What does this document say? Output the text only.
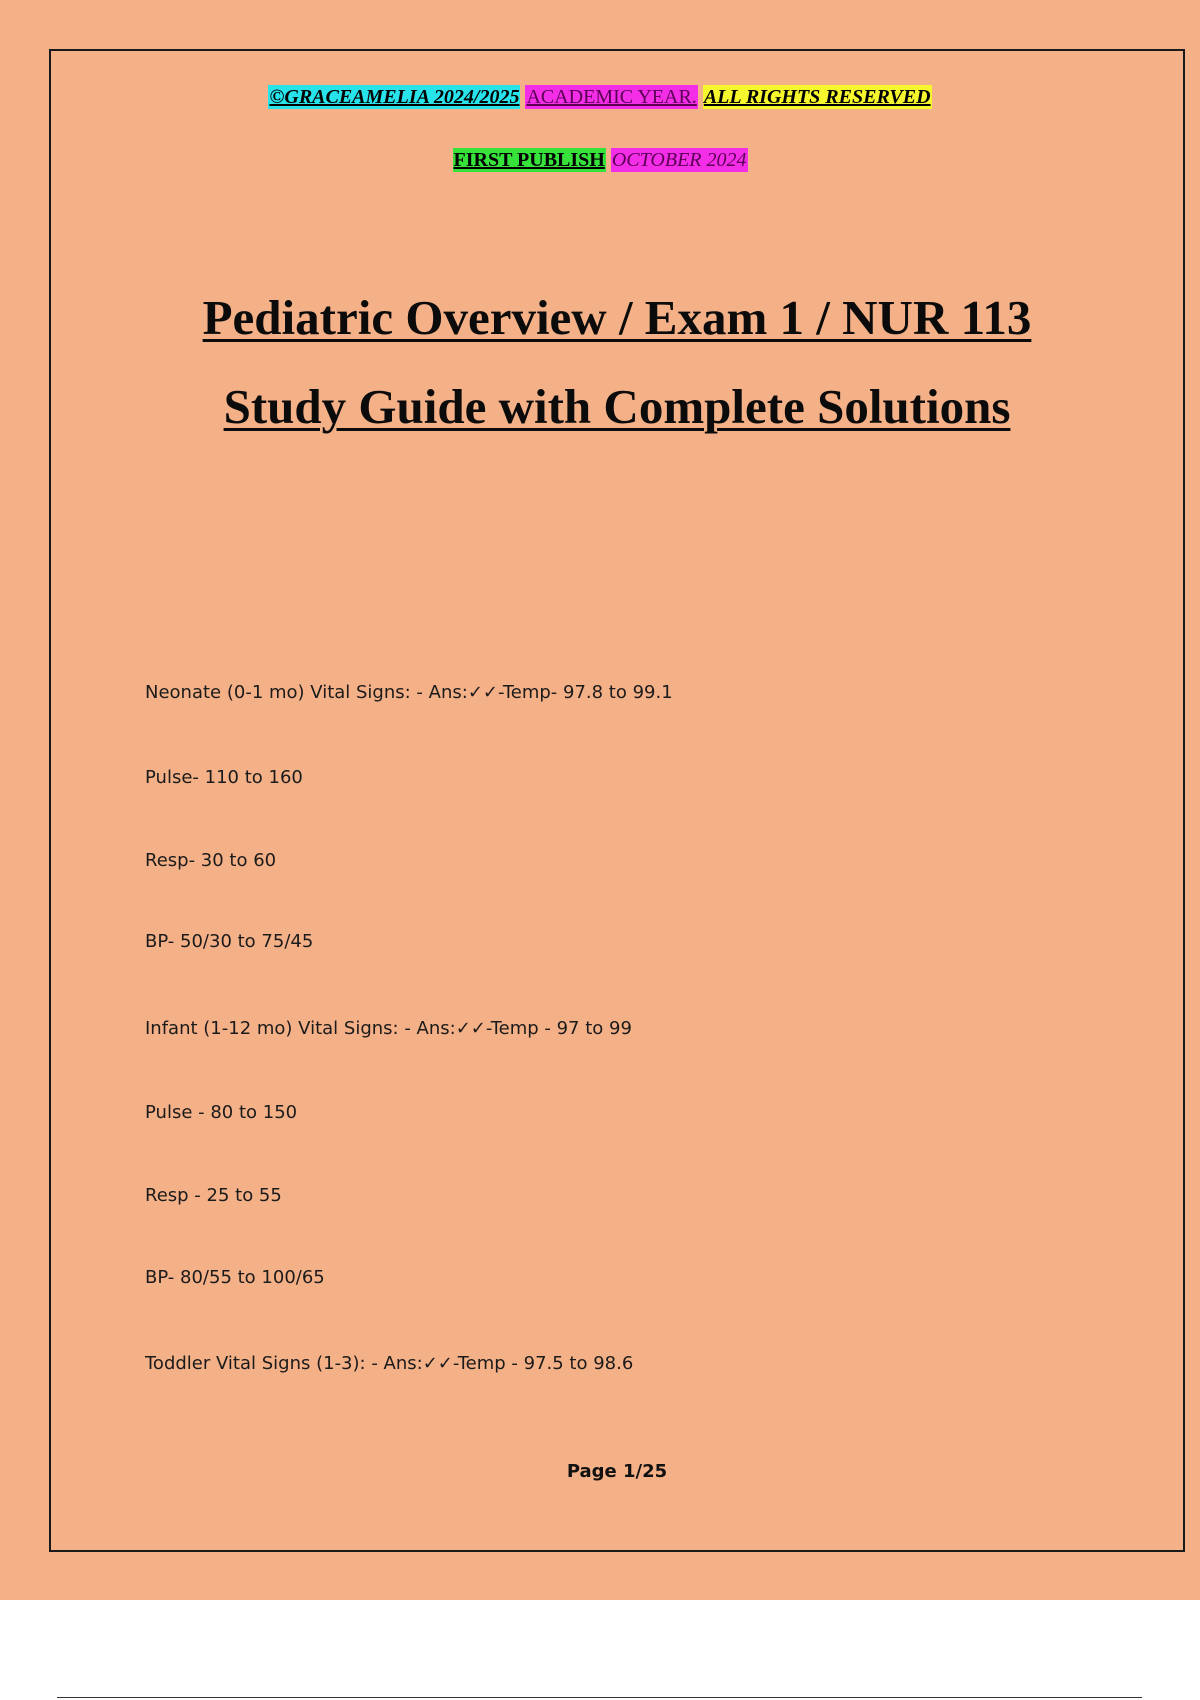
©GRACEAMELIA 2024/2025 ACADEMIC YEAR. ALL RIGHTS RESERVED
FIRST PUBLISH OCTOBER 2024
Pediatric Overview / Exam 1 / NUR 113
Study Guide with Complete Solutions
Neonate (0-1 mo) Vital Signs: - Ans:✓✓-Temp- 97.8 to 99.1
Pulse- 110 to 160
Resp- 30 to 60
BP- 50/30 to 75/45
Infant (1-12 mo) Vital Signs: - Ans:✓✓-Temp - 97 to 99
Pulse - 80 to 150
Resp - 25 to 55
BP- 80/55 to 100/65
Toddler Vital Signs (1-3): - Ans:✓✓-Temp - 97.5 to 98.6
Page 1/25
